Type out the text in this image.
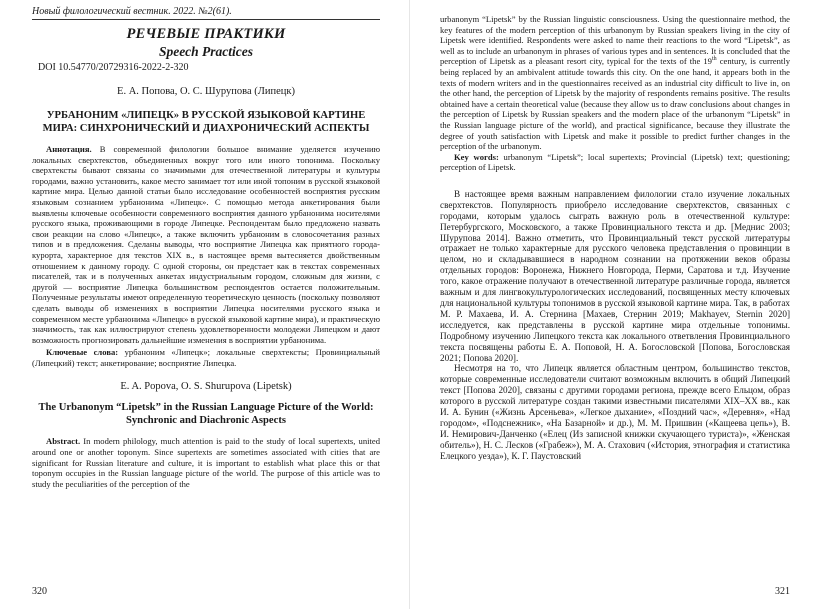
Новый филологический вестник. 2022. №2(61).
РЕЧЕВЫЕ ПРАКТИКИ
Speech Practices
DOI 10.54770/20729316-2022-2-320
Е. А. Попова, О. С. Шурупова (Липецк)
УРБАНОНИМ «ЛИПЕЦК» В РУССКОЙ ЯЗЫКОВОЙ КАРТИНЕ МИРА: СИНХРОНИЧЕСКИЙ И ДИАХРОНИЧЕСКИЙ АСПЕКТЫ

Аннотация. В современной филологии большое внимание уделяется изучению локальных сверхтекстов, объединенных вокруг того или иного топонима. Поскольку сверхтексты бывают связаны со значимыми для отечественной литературы и культуры городами, важно установить, какое место занимает тот или иной топоним в русской языковой картине мира. Целью данной статьи было исследование особенностей восприятия русским языковым сознанием урбанонима «Липецк». С помощью метода анкетирования были выявлены ключевые особенности современного восприятия данного урбанонима носителями русского языка, проживающими в городе Липецке. Респондентам было предложено назвать свои реакции на слово «Липецк», а также включить урбаноним в словосочетания разных типов и в предложения. Сделаны выводы, что восприятие Липецка как приятного города-курорта, характерное для текстов XIX в., в настоящее время вытесняется двойственным отношением к данному городу. С одной стороны, он предстает как в текстах современных писателей, так и в полученных анкетах индустриальным городом, сложным для жизни, с другой — восприятие Липецка большинством респондентов остается положительным. Полученные результаты имеют определенную теоретическую ценность (поскольку позволяют сделать выводы об изменениях в восприятии Липецка носителями русского языка и современном месте урбанонима «Липецк» в русской языковой картине мира), и практическую значимость, так как иллюстрируют степень удовлетворенности молодежи Липецком и дают возможность прогнозировать дальнейшие изменения в восприятии урбанонима.

Ключевые слова: урбаноним «Липецк»; локальные сверхтексты; Провинциальный (Липецкий) текст; анкетирование; восприятие Липецка.

E. A. Popova, O. S. Shurupova (Lipetsk)
The Urbanonym “Lipetsk” in the Russian Language Picture of the World: Synchronic and Diachronic Aspects

Abstract. In modern philology, much attention is paid to the study of local supertexts, united around one or another toponym. Since supertexts are sometimes associated with cities that are significant for Russian literature and culture, it is important to establish what place this or that toponym occupies in the Russian language picture of the world. The purpose of this article was to study the peculiarities of the perception of the

320

urbanonym “Lipetsk” by the Russian linguistic consciousness. Using the questionnaire method, the key features of the modern perception of this urbanonym by Russian speakers living in the city of Lipetsk were identified. Respondents were asked to name their reactions to the word “Lipetsk”, as well as to include an urbanonym in phrases of various types and in sentences. It is concluded that the perception of Lipetsk as a pleasant resort city, typical for the texts of the 19th century, is currently being replaced by an ambivalent attitude towards this city. On the one hand, it appears both in the texts of modern writers and in the questionnaires received as an industrial city difficult to live in, on the other hand, the perception of Lipetsk by the majority of respondents remains positive. The results obtained have a certain theoretical value (because they allow us to draw conclusions about changes in the perception of Lipetsk by Russian speakers and the modern place of the urbanonym “Lipetsk” in the Russian language picture of the world), and practical significance, because they illustrate the degree of youth satisfaction with Lipetsk and make it possible to predict further changes in the perception of the urbanonym.

Key words: urbanonym “Lipetsk”; local supertexts; Provincial (Lipetsk) text; questioning; perception of Lipetsk.

В настоящее время важным направлением филологии стало изучение локальных сверхтекстов. Популярность приобрело исследование сверхтекстов, связанных с городами, которым удалось сыграть важную роль в отечественной культуре: Петербургского, Московского, а также Провинциального текста и др. [Меднис 2003; Шурупова 2014]. Важно отметить, что Провинциальный текст русской литературы отражает не только характерные для русского человека представления о провинции в целом, но и складывавшиеся в народном сознании на протяжении веков образы отдельных городов: Воронежа, Нижнего Новгорода, Перми, Саратова и т.д. Изучение того, какое отражение получают в отечественной литературе различные города, является важным и для лингвокультурологических исследований, посвященных месту ключевых для национальной культуры топонимов в русской языковой картине мира. Так, в работах М. Р. Махаева, И. А. Стернина [Махаев, Стернин 2019; Makhayev, Sternin 2020] исследуется, как представлены в русской картине мира отдельные топонимы. Подробному изучению Липецкого текста как локального ответвления Провинциального текста посвящены работы Е. А. Поповой, Н. А. Богословской [Попова, Богословская 2021; Попова 2020].

Несмотря на то, что Липецк является областным центром, большинство текстов, которые современные исследователи считают возможным включить в общий Липецкий текст [Попова 2020], связаны с другими городами региона, прежде всего Ельцом, образ которого в русской литературе создан такими известными писателями XIX–XX вв., как И. А. Бунин («Жизнь Арсеньева», «Легкое дыхание», «Поздний час», «Деревня», «Над городом», «Подснежник», «На Базарной» и др.), М. М. Пришвин («Кащеева цепь»), В. И. Немирович-Данченко («Елец (Из записной книжки скучающего туриста)», «Женская обитель»), Н. С. Лесков («Грабеж»), М. А. Стахович («История, этнография и статистика Елецкого уезда»), К. Г. Паустовский

321
